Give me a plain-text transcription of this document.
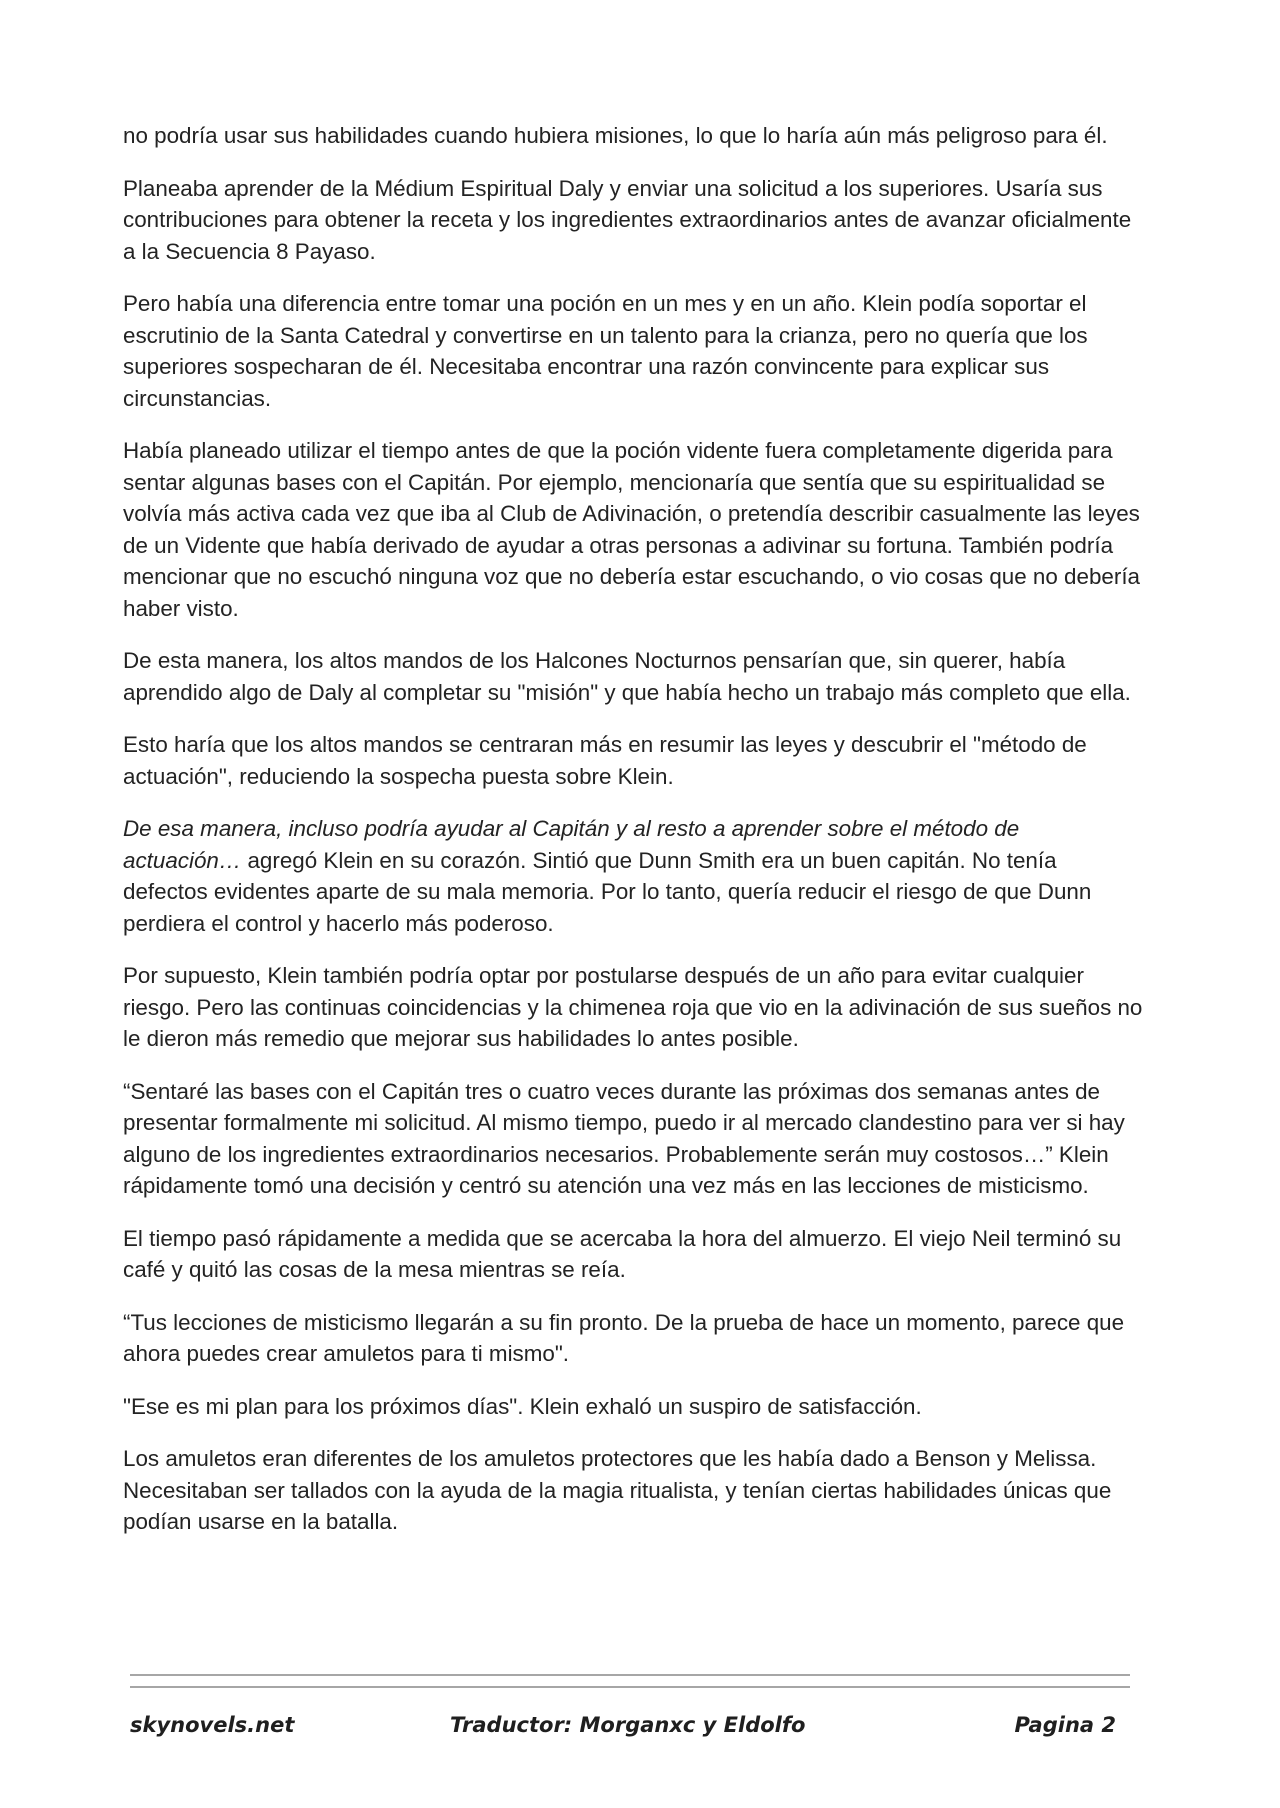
no podría usar sus habilidades cuando hubiera misiones, lo que lo haría aún más peligroso para él.

Planeaba aprender de la Médium Espiritual Daly y enviar una solicitud a los superiores. Usaría sus contribuciones para obtener la receta y los ingredientes extraordinarios antes de avanzar oficialmente a la Secuencia 8 Payaso.

Pero había una diferencia entre tomar una poción en un mes y en un año. Klein podía soportar el escrutinio de la Santa Catedral y convertirse en un talento para la crianza, pero no quería que los superiores sospecharan de él. Necesitaba encontrar una razón convincente para explicar sus circunstancias.

Había planeado utilizar el tiempo antes de que la poción vidente fuera completamente digerida para sentar algunas bases con el Capitán. Por ejemplo, mencionaría que sentía que su espiritualidad se volvía más activa cada vez que iba al Club de Adivinación, o pretendía describir casualmente las leyes de un Vidente que había derivado de ayudar a otras personas a adivinar su fortuna. También podría mencionar que no escuchó ninguna voz que no debería estar escuchando, o vio cosas que no debería haber visto.

De esta manera, los altos mandos de los Halcones Nocturnos pensarían que, sin querer, había aprendido algo de Daly al completar su "misión" y que había hecho un trabajo más completo que ella.

Esto haría que los altos mandos se centraran más en resumir las leyes y descubrir el "método de actuación", reduciendo la sospecha puesta sobre Klein.

De esa manera, incluso podría ayudar al Capitán y al resto a aprender sobre el método de actuación… agregó Klein en su corazón. Sintió que Dunn Smith era un buen capitán. No tenía defectos evidentes aparte de su mala memoria. Por lo tanto, quería reducir el riesgo de que Dunn perdiera el control y hacerlo más poderoso.

Por supuesto, Klein también podría optar por postularse después de un año para evitar cualquier riesgo. Pero las continuas coincidencias y la chimenea roja que vio en la adivinación de sus sueños no le dieron más remedio que mejorar sus habilidades lo antes posible.

“Sentaré las bases con el Capitán tres o cuatro veces durante las próximas dos semanas antes de presentar formalmente mi solicitud. Al mismo tiempo, puedo ir al mercado clandestino para ver si hay alguno de los ingredientes extraordinarios necesarios. Probablemente serán muy costosos…” Klein rápidamente tomó una decisión y centró su atención una vez más en las lecciones de misticismo.

El tiempo pasó rápidamente a medida que se acercaba la hora del almuerzo. El viejo Neil terminó su café y quitó las cosas de la mesa mientras se reía.

“Tus lecciones de misticismo llegarán a su fin pronto. De la prueba de hace un momento, parece que ahora puedes crear amuletos para ti mismo".

"Ese es mi plan para los próximos días". Klein exhaló un suspiro de satisfacción.

Los amuletos eran diferentes de los amuletos protectores que les había dado a Benson y Melissa. Necesitaban ser tallados con la ayuda de la magia ritualista, y tenían ciertas habilidades únicas que podían usarse en la batalla.

skynovels.net	Traductor: Morganxc y Eldolfo	Pagina 2
